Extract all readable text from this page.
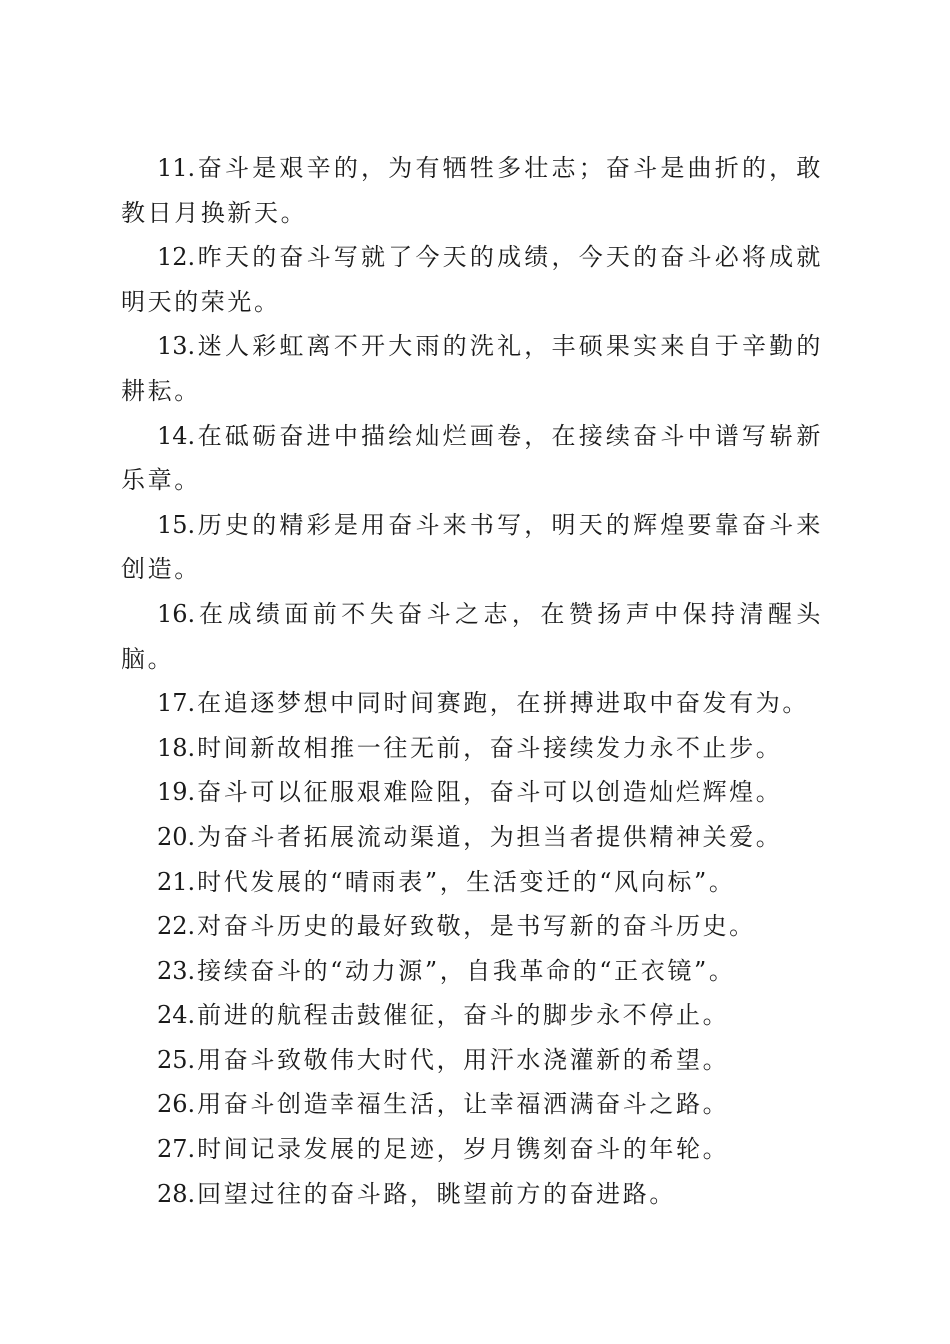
11.奋斗是艰辛的，为有牺牲多壮志；奋斗是曲折的，敢教日月换新天。

12.昨天的奋斗写就了今天的成绩，今天的奋斗必将成就明天的荣光。

13.迷人彩虹离不开大雨的洗礼，丰硕果实来自于辛勤的耕耘。

14.在砥砺奋进中描绘灿烂画卷，在接续奋斗中谱写崭新乐章。

15.历史的精彩是用奋斗来书写，明天的辉煌要靠奋斗来创造。

16.在成绩面前不失奋斗之志，在赞扬声中保持清醒头脑。

17.在追逐梦想中同时间赛跑，在拼搏进取中奋发有为。

18.时间新故相推一往无前，奋斗接续发力永不止步。

19.奋斗可以征服艰难险阻，奋斗可以创造灿烂辉煌。

20.为奋斗者拓展流动渠道，为担当者提供精神关爱。

21.时代发展的“晴雨表”，生活变迁的“风向标”。

22.对奋斗历史的最好致敬，是书写新的奋斗历史。

23.接续奋斗的“动力源”，自我革命的“正衣镜”。

24.前进的航程击鼓催征，奋斗的脚步永不停止。

25.用奋斗致敬伟大时代，用汗水浇灌新的希望。

26.用奋斗创造幸福生活，让幸福洒满奋斗之路。

27.时间记录发展的足迹，岁月镌刻奋斗的年轮。

28.回望过往的奋斗路，眺望前方的奋进路。
